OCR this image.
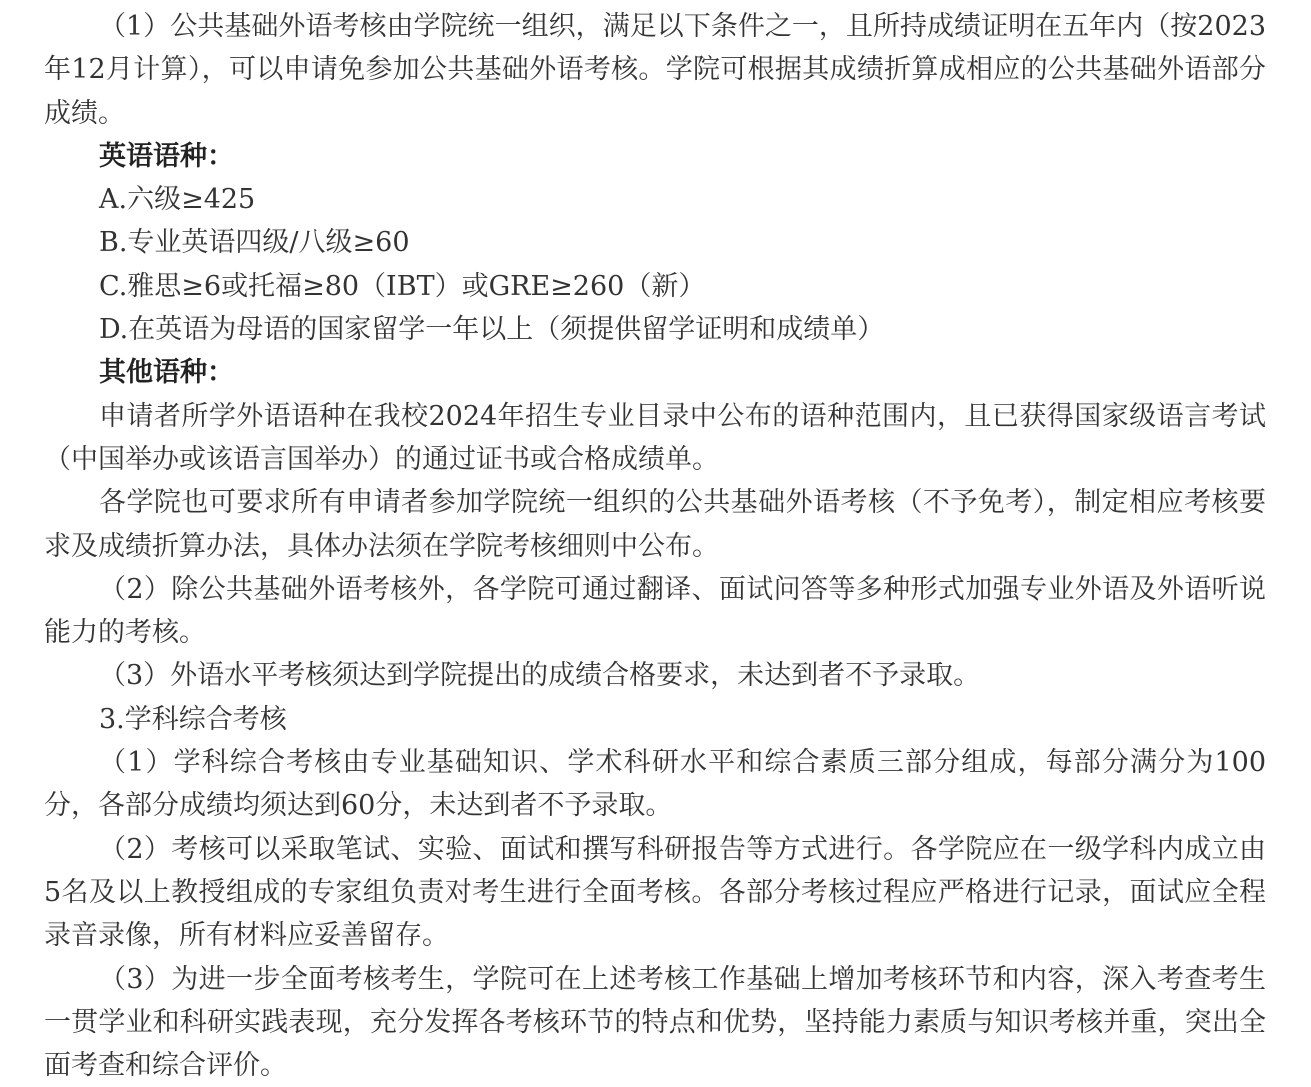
（1）公共基础外语考核由学院统一组织，满足以下条件之一，且所持成绩证明在五年内（按2023年12月计算），可以申请免参加公共基础外语考核。学院可根据其成绩折算成相应的公共基础外语部分成绩。

英语语种：

A.六级≥425

B.专业英语四级/八级≥60

C.雅思≥6或托福≥80（IBT）或GRE≥260（新）

D.在英语为母语的国家留学一年以上（须提供留学证明和成绩单）

其他语种：

申请者所学外语语种在我校2024年招生专业目录中公布的语种范围内，且已获得国家级语言考试（中国举办或该语言国举办）的通过证书或合格成绩单。

各学院也可要求所有申请者参加学院统一组织的公共基础外语考核（不予免考），制定相应考核要求及成绩折算办法，具体办法须在学院考核细则中公布。

（2）除公共基础外语考核外，各学院可通过翻译、面试问答等多种形式加强专业外语及外语听说能力的考核。

（3）外语水平考核须达到学院提出的成绩合格要求，未达到者不予录取。

3.学科综合考核

（1）学科综合考核由专业基础知识、学术科研水平和综合素质三部分组成，每部分满分为100分，各部分成绩均须达到60分，未达到者不予录取。

（2）考核可以采取笔试、实验、面试和撰写科研报告等方式进行。各学院应在一级学科内成立由5名及以上教授组成的专家组负责对考生进行全面考核。各部分考核过程应严格进行记录，面试应全程录音录像，所有材料应妥善留存。

（3）为进一步全面考核考生，学院可在上述考核工作基础上增加考核环节和内容，深入考查考生一贯学业和科研实践表现，充分发挥各考核环节的特点和优势，坚持能力素质与知识考核并重，突出全面考查和综合评价。
